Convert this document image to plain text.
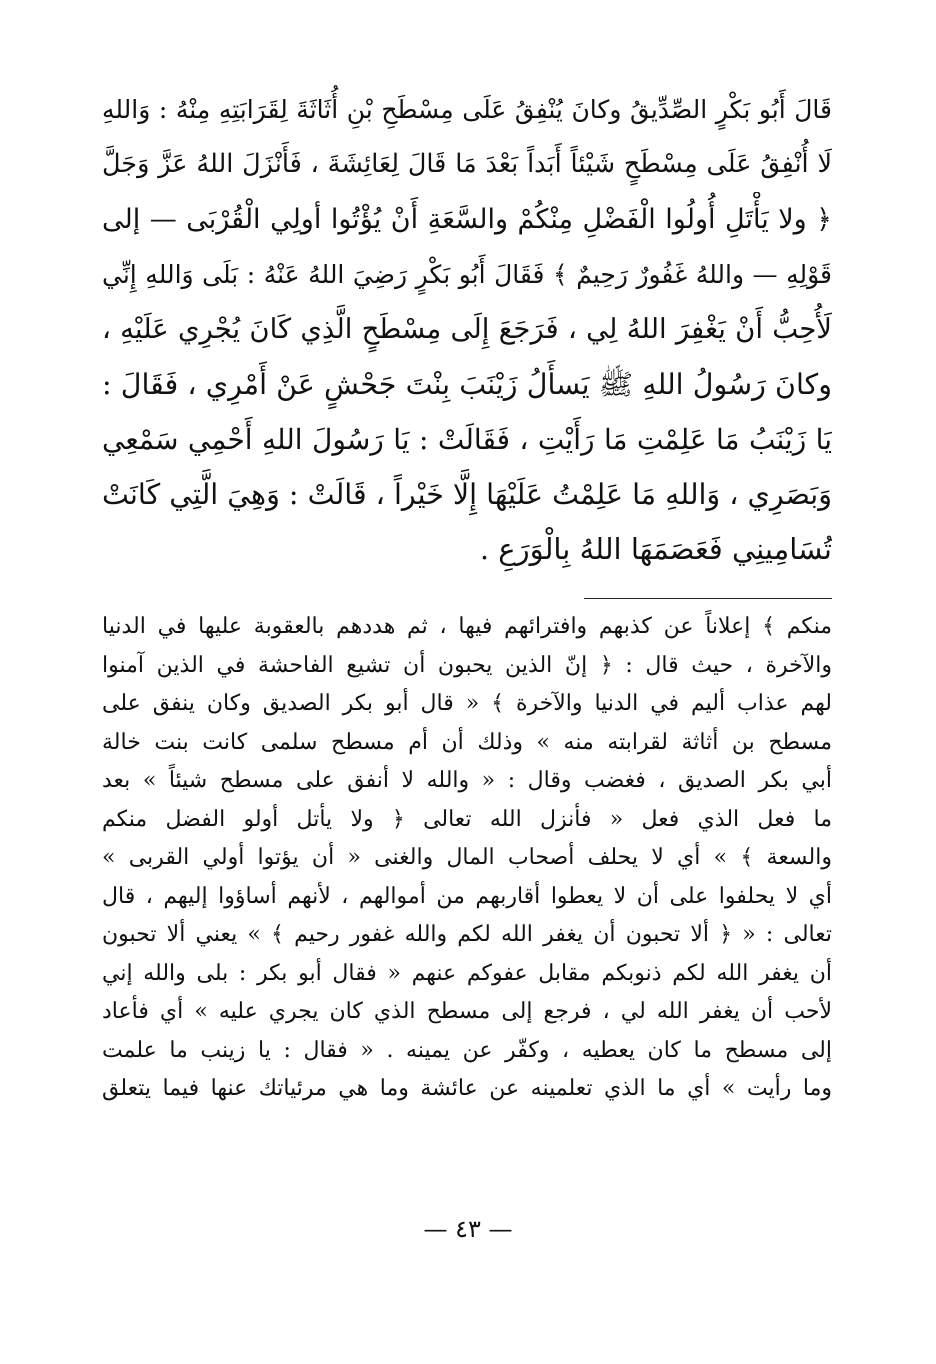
قَالَ أَبُو بَكْرٍ الصِّدِّيقُ وكانَ يُنْفِقُ عَلَى مِسْطَحِ بْنِ أُثَاثَةَ لِقَرَابَتِهِ مِنْهُ : وَاللهِ
لَا أُنْفِقُ عَلَى مِسْطَحٍ شَيْئاً أَبَداً بَعْدَ مَا قَالَ لِعَائِشَةَ ، فَأَنْزَلَ اللهُ عَزَّ وَجَلَّ
﴿ ولا يَأْتَلِ أُولُوا الْفَضْلِ مِنْكُمْ والسَّعَةِ أَنْ يُؤْتُوا أولِي الْقُرْبَى — إلى
قَوْلِهِ — واللهُ غَفُورٌ رَحِيمٌ ﴾ فَقَالَ أَبُو بَكْرٍ رَضِيَ اللهُ عَنْهُ : بَلَى وَاللهِ إِنِّي
لَأُحِبُّ أَنْ يَغْفِرَ اللهُ لِي ، فَرَجَعَ إِلَى مِسْطَحٍ الَّذِي كَانَ يُجْرِي عَلَيْهِ ،
وكانَ رَسُولُ اللهِ ﷺ يَسأَلُ زَيْنَبَ بِنْتَ جَحْشٍ عَنْ أَمْرِي ، فَقَالَ :
يَا زَيْنَبُ مَا عَلِمْتِ مَا رَأَيْتِ ، فَقَالَتْ : يَا رَسُولَ اللهِ أَحْمِي سَمْعِي
وَبَصَرِي ، وَاللهِ مَا عَلِمْتُ عَلَيْهَا إِلَّا خَيْراً ، قَالَتْ : وَهِيَ الَّتِي كَانَتْ
تُسَامِينِي فَعَصَمَهَا اللهُ بِالْوَرَعِ .
منكم ﴾ إعلاناً عن كذبهم وافترائهم فيها ، ثم هددهم بالعقوبة عليها في الدنيا
والآخرة ، حيث قال : ﴿ إنّ الذين يحبون أن تشيع الفاحشة في الذين آمنوا
لهم عذاب أليم في الدنيا والآخرة ﴾ « قال أبو بكر الصديق وكان ينفق على
مسطح بن أثاثة لقرابته منه » وذلك أن أم مسطح سلمى كانت بنت خالة
أبي بكر الصديق ، فغضب وقال : « والله لا أنفق على مسطح شيئاً » بعد
ما فعل الذي فعل « فأنزل الله تعالى ﴿ ولا يأتل أولو الفضل منكم
والسعة ﴾ » أي لا يحلف أصحاب المال والغنى « أن يؤتوا أولي القربى »
أي لا يحلفوا على أن لا يعطوا أقاربهم من أموالهم ، لأنهم أساؤوا إليهم ، قال
تعالى : « ﴿ ألا تحبون أن يغفر الله لكم والله غفور رحيم ﴾ » يعني ألا تحبون
أن يغفر الله لكم ذنوبكم مقابل عفوكم عنهم « فقال أبو بكر : بلى والله إني
لأحب أن يغفر الله لي ، فرجع إلى مسطح الذي كان يجري عليه » أي فأعاد
إلى مسطح ما كان يعطيه ، وكفّر عن يمينه . « فقال : يا زينب ما علمت
وما رأيت » أي ما الذي تعلمينه عن عائشة وما هي مرئياتك عنها فيما يتعلق
— ٤٣ —
